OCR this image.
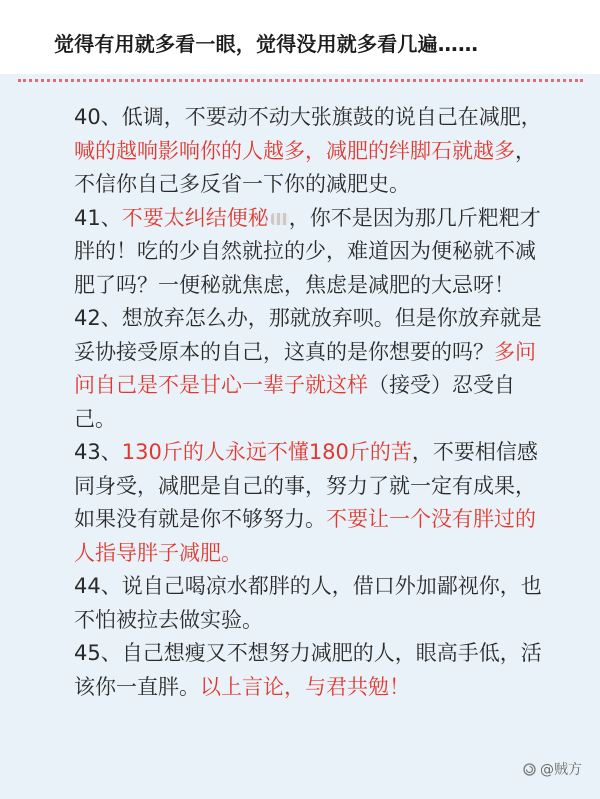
觉得有用就多看一眼，觉得没用就多看几遍……

40、低调，不要动不动大张旗鼓的说自己在减肥，喊的越响影响你的人越多，减肥的绊脚石就越多，不信你自己多反省一下你的减肥史。

41、不要太纠结便秘 ，你不是因为那几斤粑粑才胖的！吃的少自然就拉的少，难道因为便秘就不减肥了吗？一便秘就焦虑，焦虑是减肥的大忌呀！

42、想放弃怎么办，那就放弃呗。但是你放弃就是妥协接受原本的自己，这真的是你想要的吗？多问问自己是不是甘心一辈子就这样（接受）忍受自己。

43、130斤的人永远不懂180斤的苦，不要相信感同身受，减肥是自己的事，努力了就一定有成果，如果没有就是你不够努力。不要让一个没有胖过的人指导胖子减肥。

44、说自己喝凉水都胖的人，借口外加鄙视你，也不怕被拉去做实验。

45、自己想瘦又不想努力减肥的人，眼高手低，活该你一直胖。以上言论，与君共勉！

@贼方
